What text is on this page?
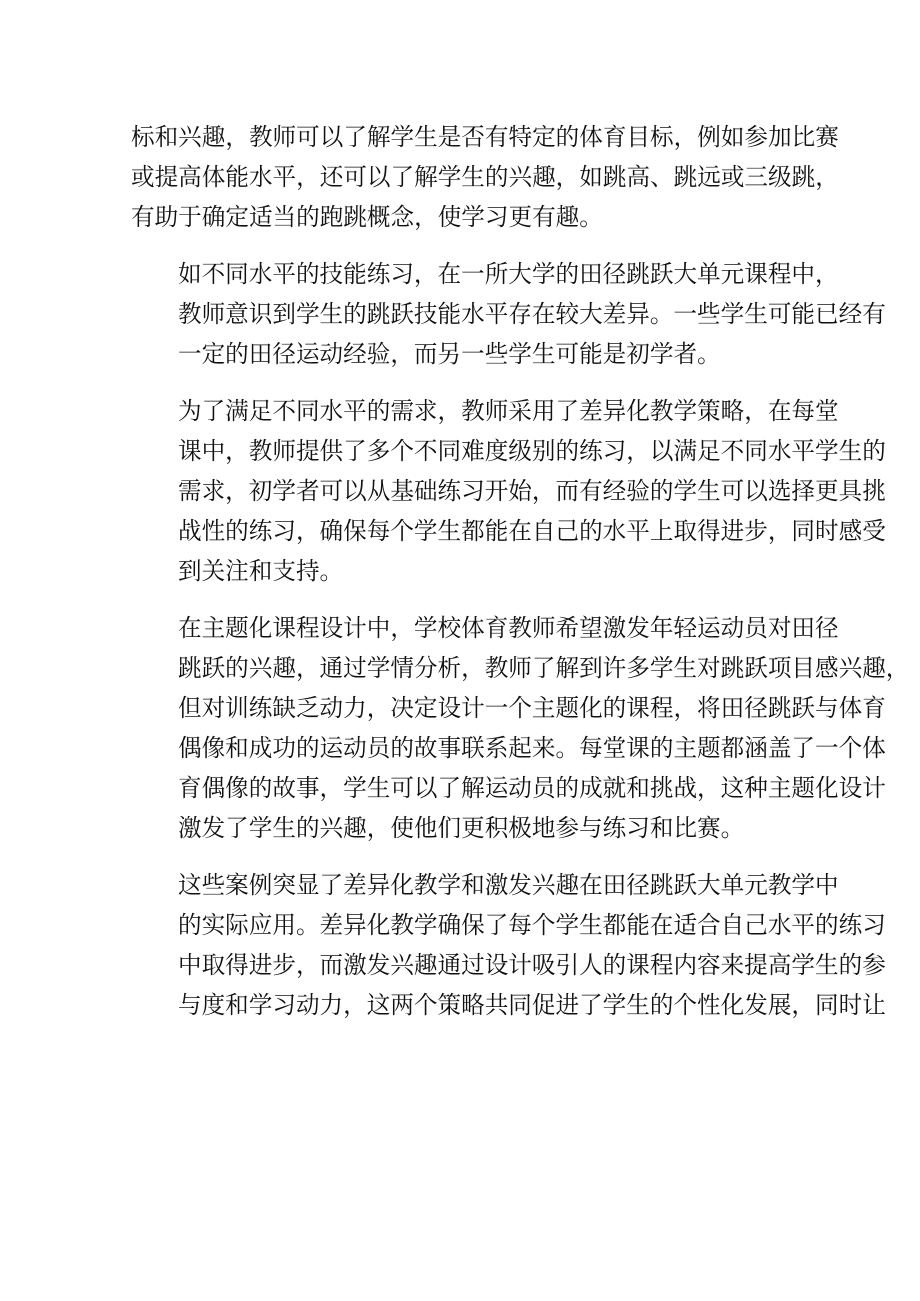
标和兴趣，教师可以了解学生是否有特定的体育目标，例如参加比赛
或提高体能水平，还可以了解学生的兴趣，如跳高、跳远或三级跳，
有助于确定适当的跑跳概念，使学习更有趣。

如不同水平的技能练习，在一所大学的田径跳跃大单元课程中，
教师意识到学生的跳跃技能水平存在较大差异。一些学生可能已经有
一定的田径运动经验，而另一些学生可能是初学者。

为了满足不同水平的需求，教师采用了差异化教学策略，在每堂
课中，教师提供了多个不同难度级别的练习，以满足不同水平学生的
需求，初学者可以从基础练习开始，而有经验的学生可以选择更具挑
战性的练习，确保每个学生都能在自己的水平上取得进步，同时感受
到关注和支持。

在主题化课程设计中，学校体育教师希望激发年轻运动员对田径
跳跃的兴趣，通过学情分析，教师了解到许多学生对跳跃项目感兴趣，
但对训练缺乏动力，决定设计一个主题化的课程，将田径跳跃与体育
偶像和成功的运动员的故事联系起来。每堂课的主题都涵盖了一个体
育偶像的故事，学生可以了解运动员的成就和挑战，这种主题化设计
激发了学生的兴趣，使他们更积极地参与练习和比赛。

这些案例突显了差异化教学和激发兴趣在田径跳跃大单元教学中
的实际应用。差异化教学确保了每个学生都能在适合自己水平的练习
中取得进步，而激发兴趣通过设计吸引人的课程内容来提高学生的参
与度和学习动力，这两个策略共同促进了学生的个性化发展，同时让
